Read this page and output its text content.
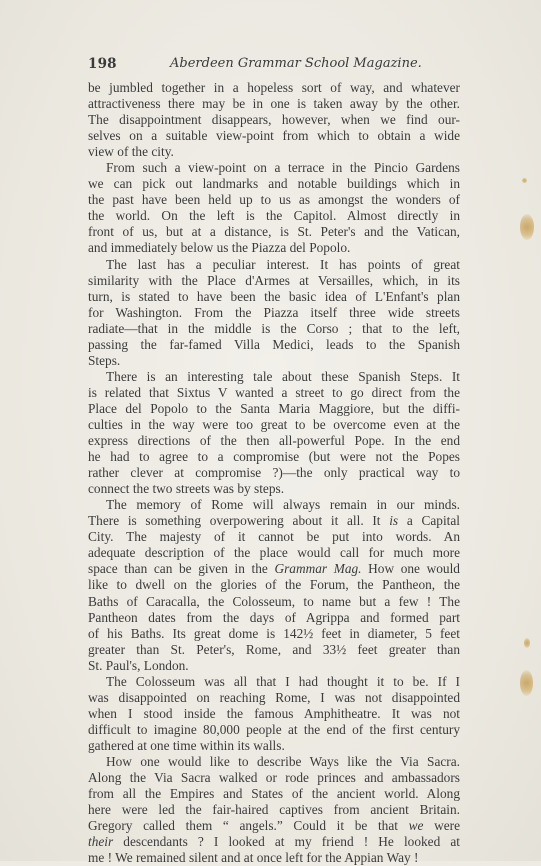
198	Aberdeen Grammar School Magazine.

be jumbled together in a hopeless sort of way, and whatever
attractiveness there may be in one is taken away by the other.
The disappointment disappears, however, when we find our-
selves on a suitable view-point from which to obtain a wide
view of the city.

From such a view-point on a terrace in the Pincio Gardens
we can pick out landmarks and notable buildings which in
the past have been held up to us as amongst the wonders of
the world. On the left is the Capitol. Almost directly in
front of us, but at a distance, is St. Peter's and the Vatican,
and immediately below us the Piazza del Popolo.

The last has a peculiar interest. It has points of great
similarity with the Place d'Armes at Versailles, which, in its
turn, is stated to have been the basic idea of L'Enfant's plan
for Washington. From the Piazza itself three wide streets
radiate—that in the middle is the Corso ; that to the left,
passing the far-famed Villa Medici, leads to the Spanish
Steps.

There is an interesting tale about these Spanish Steps. It
is related that Sixtus V wanted a street to go direct from the
Place del Popolo to the Santa Maria Maggiore, but the diffi-
culties in the way were too great to be overcome even at the
express directions of the then all-powerful Pope. In the end
he had to agree to a compromise (but were not the Popes
rather clever at compromise ?)—the only practical way to
connect the two streets was by steps.

The memory of Rome will always remain in our minds.
There is something overpowering about it all. It is a Capital
City. The majesty of it cannot be put into words. An
adequate description of the place would call for much more
space than can be given in the Grammar Mag. How one would
like to dwell on the glories of the Forum, the Pantheon, the
Baths of Caracalla, the Colosseum, to name but a few ! The
Pantheon dates from the days of Agrippa and formed part
of his Baths. Its great dome is 142½ feet in diameter, 5 feet
greater than St. Peter's, Rome, and 33½ feet greater than
St. Paul's, London.

The Colosseum was all that I had thought it to be. If I
was disappointed on reaching Rome, I was not disappointed
when I stood inside the famous Amphitheatre. It was not
difficult to imagine 80,000 people at the end of the first century
gathered at one time within its walls.

How one would like to describe Ways like the Via Sacra.
Along the Via Sacra walked or rode princes and ambassadors
from all the Empires and States of the ancient world. Along
here were led the fair-haired captives from ancient Britain.
Gregory called them “ angels.” Could it be that we were
their descendants ? I looked at my friend ! He looked at
me ! We remained silent and at once left for the Appian Way !
